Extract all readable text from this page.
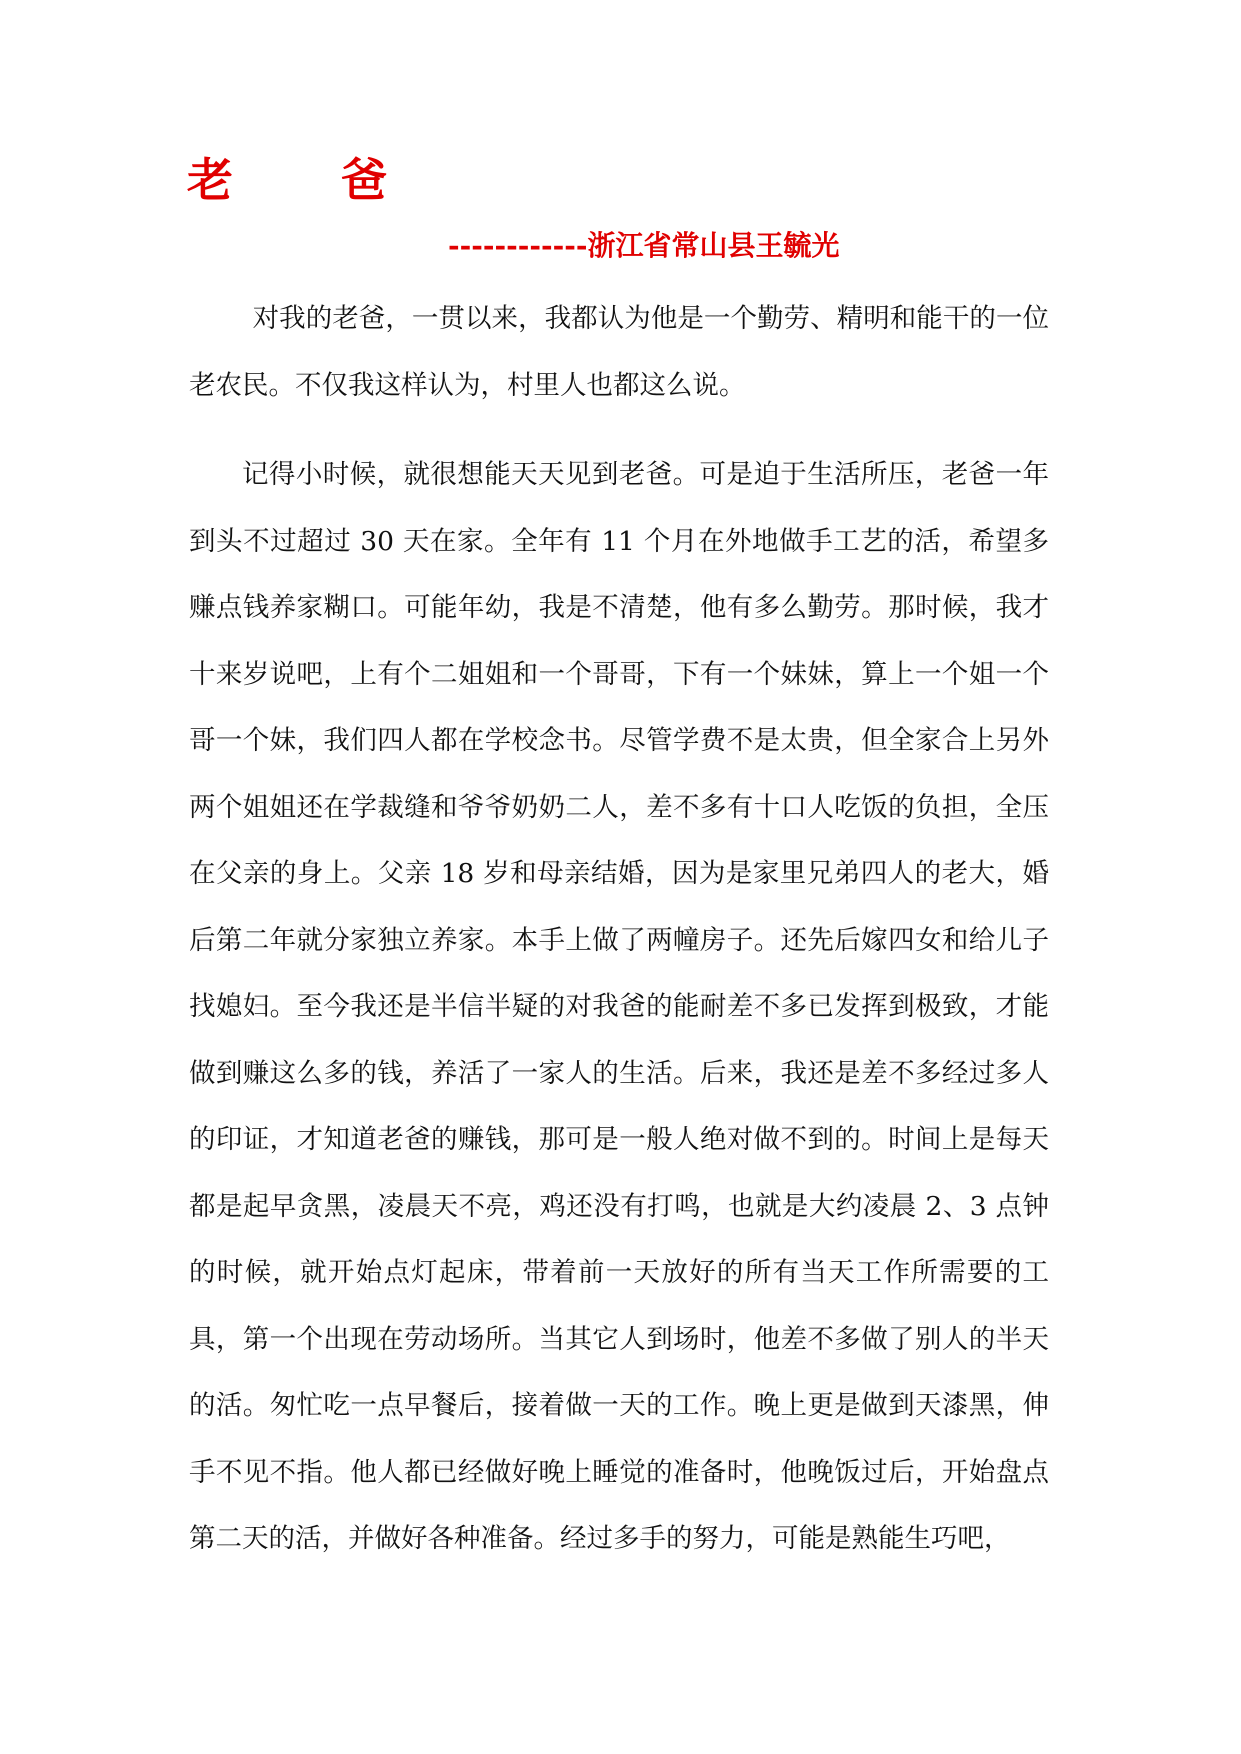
老爸
------------浙江省常山县王毓光

对我的老爸，一贯以来，我都认为他是一个勤劳、精明和能干的一位老农民。不仅我这样认为，村里人也都这么说。

记得小时候，就很想能天天见到老爸。可是迫于生活所压，老爸一年到头不过超过 30 天在家。全年有 11 个月在外地做手工艺的活，希望多赚点钱养家糊口。可能年幼，我是不清楚，他有多么勤劳。那时候，我才十来岁说吧，上有个二姐姐和一个哥哥，下有一个妹妹，算上一个姐一个哥一个妹，我们四人都在学校念书。尽管学费不是太贵，但全家合上另外两个姐姐还在学裁缝和爷爷奶奶二人，差不多有十口人吃饭的负担，全压在父亲的身上。父亲 18 岁和母亲结婚，因为是家里兄弟四人的老大，婚后第二年就分家独立养家。本手上做了两幢房子。还先后嫁四女和给儿子找媳妇。至今我还是半信半疑的对我爸的能耐差不多已发挥到极致，才能做到赚这么多的钱，养活了一家人的生活。后来，我还是差不多经过多人的印证，才知道老爸的赚钱，那可是一般人绝对做不到的。时间上是每天都是起早贪黑，凌晨天不亮，鸡还没有打鸣，也就是大约凌晨 2、3 点钟的时候，就开始点灯起床，带着前一天放好的所有当天工作所需要的工具，第一个出现在劳动场所。当其它人到场时，他差不多做了别人的半天的活。匆忙吃一点早餐后，接着做一天的工作。晚上更是做到天漆黑，伸手不见不指。他人都已经做好晚上睡觉的准备时，他晚饭过后，开始盘点第二天的活，并做好各种准备。经过多手的努力，可能是熟能生巧吧，
